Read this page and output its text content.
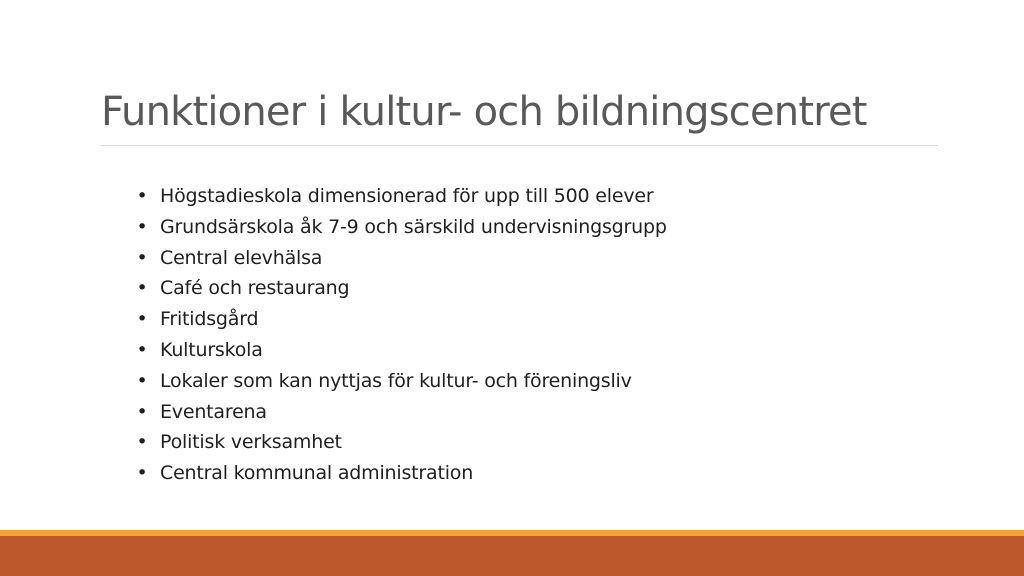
Funktioner i kultur- och bildningscentret
• Högstadieskola dimensionerad för upp till 500 elever
• Grundsärskola åk 7-9 och särskild undervisningsgrupp
• Central elevhälsa
• Café och restaurang
• Fritidsgård
• Kulturskola
• Lokaler som kan nyttjas för kultur- och föreningsliv
• Eventarena
• Politisk verksamhet
• Central kommunal administration
